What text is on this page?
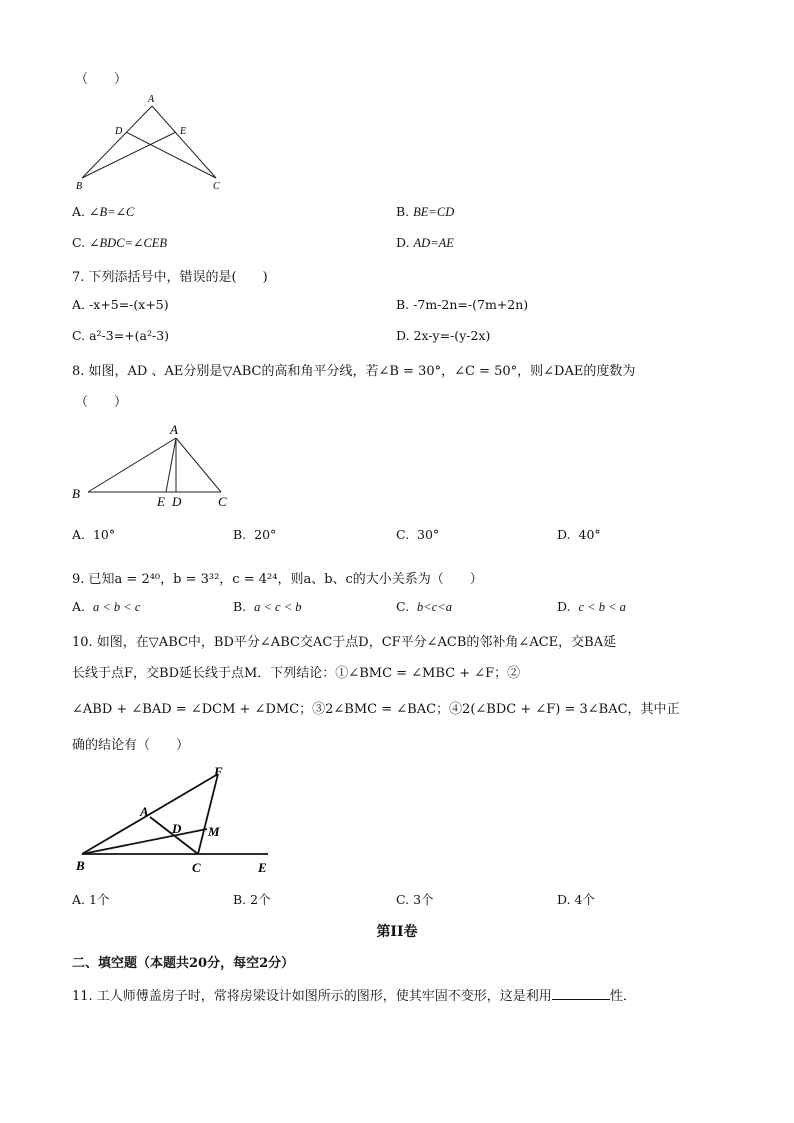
（　　）
A
D	E
B	C
A. ∠B=∠C	B. BE=CD
C. ∠BDC=∠CEB	D. AD=AE
7. 下列添括号中，错误的是(　　)
A. -x+5=-(x+5)	B. -7m-2n=-(7m+2n)
C. a²-3=+(a²-3)	D. 2x-y=-(y-2x)
8. 如图，AD 、AE分别是▽ABC的高和角平分线，若∠B = 30°，∠C = 50°，则∠DAE的度数为
（　　）
A
B
C
E D
A. 10°	B. 20°	C. 30°	D. 40°
9. 已知a = 2⁴⁰，b = 3³²，c = 4²⁴，则a、b、c的大小关系为（　　）
A. a < b < c	B. a < c < b	C. b<c<a	D. c < b < a
10. 如图，在▽ABC中，BD平分∠ABC交AC于点D，CF平分∠ACB的邻补角∠ACE，交BA延
长线于点F，交BD延长线于点M．下列结论：①∠BMC = ∠MBC + ∠F；②
∠ABD + ∠BAD = ∠DCM + ∠DMC；③2∠BMC = ∠BAC；④2(∠BDC + ∠F) = 3∠BAC，其中正
确的结论有（　　）
F
A
D M
B	C	E
A. 1个	B. 2个	C. 3个	D. 4个
第II卷
二、填空题（本题共20分，每空2分）
11. 工人师傅盖房子时，常将房梁设计如图所示的图形，使其牢固不变形，这是利用	性．
